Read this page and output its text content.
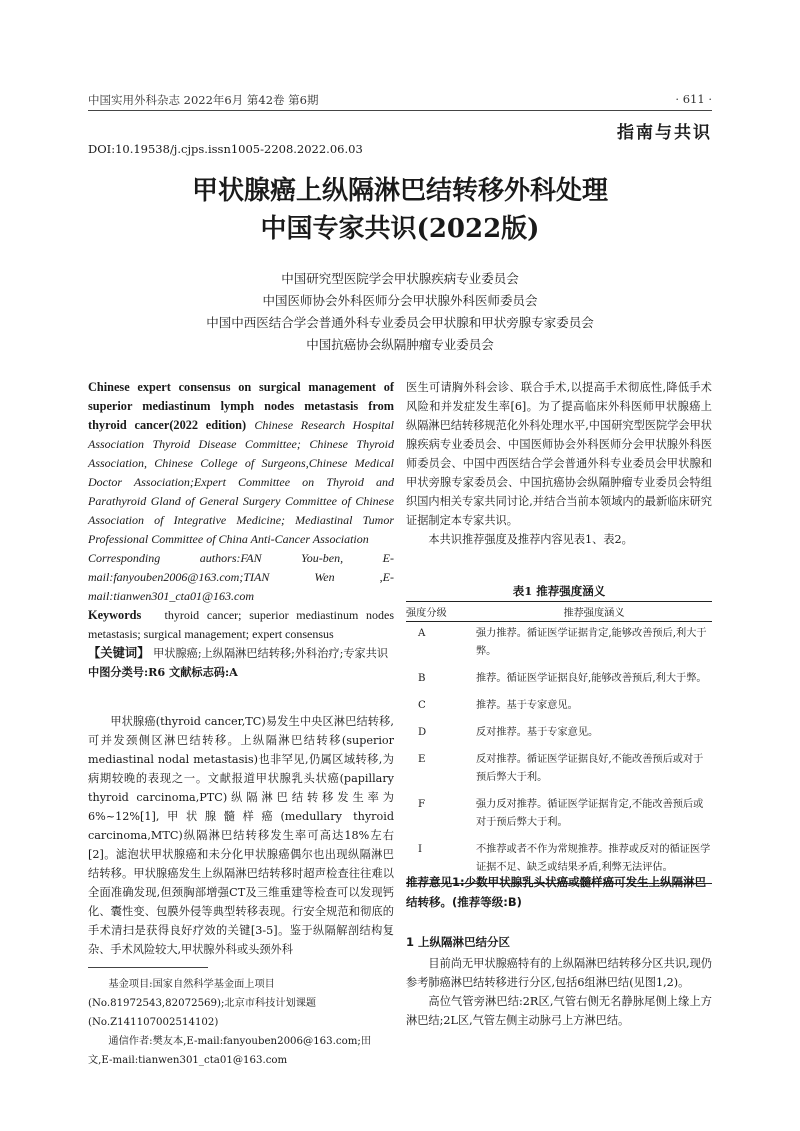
中国实用外科杂志 2022年6月 第42卷 第6期	· 611 ·
指南与共识
DOI:10.19538/j.cjps.issn1005-2208.2022.06.03
甲状腺癌上纵隔淋巴结转移外科处理
中国专家共识(2022版)
中国研究型医院学会甲状腺疾病专业委员会
中国医师协会外科医师分会甲状腺外科医师委员会
中国中西医结合学会普通外科专业委员会甲状腺和甲状旁腺专家委员会
中国抗癌协会纵隔肿瘤专业委员会
Chinese expert consensus on surgical management of superior mediastinum lymph nodes metastasis from thyroid cancer(2022 edition) Chinese Research Hospital Association Thyroid Disease Committee; Chinese Thyroid Association, Chinese College of Surgeons,Chinese Medical Doctor Association;Expert Committee on Thyroid and Parathyroid Gland of General Surgery Committee of Chinese Association of Integrative Medicine; Mediastinal Tumor Professional Committee of China Anti-Cancer Association
Corresponding authors:FAN You-ben, E-mail:fanyouben2006@163.com;TIAN Wen ,E-mail:tianwen301_cta01@163.com
Keywords thyroid cancer; superior mediastinum nodes metastasis; surgical management; expert consensus
【关键词】 甲状腺癌;上纵隔淋巴结转移;外科治疗;专家共识
中图分类号:R6 文献标志码:A

甲状腺癌(thyroid cancer,TC)易发生中央区淋巴结转移,可并发颈侧区淋巴结转移。上纵隔淋巴结转移(superior mediastinal nodal metastasis)也非罕见,仍属区域转移,为病期较晚的表现之一。文献报道甲状腺乳头状癌(papillary thyroid carcinoma,PTC)纵隔淋巴结转移发生率为6%~12%[1],甲状腺髓样癌(medullary thyroid carcinoma,MTC)纵隔淋巴结转移发生率可高达18%左右[2]。滤泡状甲状腺癌和未分化甲状腺癌偶尔也出现纵隔淋巴结转移。甲状腺癌发生上纵隔淋巴结转移时超声检查往往难以全面准确发现,但颈胸部增强CT及三维重建等检查可以发现钙化、囊性变、包膜外侵等典型转移表现。行安全规范和彻底的手术清扫是获得良好疗效的关键[3-5]。鉴于纵隔解剖结构复杂、手术风险较大,甲状腺外科或头颈外科

基金项目:国家自然科学基金面上项目(No.81972543,82072569);北京市科技计划课题(No.Z141107002514102)
通信作者:樊友本,E-mail:fanyouben2006@163.com;田文,E-mail:tianwen301_cta01@163.com

医生可请胸外科会诊、联合手术,以提高手术彻底性,降低手术风险和并发症发生率[6]。为了提高临床外科医师甲状腺癌上纵隔淋巴结转移规范化外科处理水平,中国研究型医院学会甲状腺疾病专业委员会、中国医师协会外科医师分会甲状腺外科医师委员会、中国中西医结合学会普通外科专业委员会甲状腺和甲状旁腺专家委员会、中国抗癌协会纵隔肿瘤专业委员会特组织国内相关专家共同讨论,并结合当前本领域内的最新临床研究证据制定本专家共识。

本共识推荐强度及推荐内容见表1、表2。

表1 推荐强度涵义
强度分级	推荐强度涵义
A	强力推荐。循证医学证据肯定,能够改善预后,利大于弊。
B	推荐。循证医学证据良好,能够改善预后,利大于弊。
C	推荐。基于专家意见。
D	反对推荐。基于专家意见。
E	反对推荐。循证医学证据良好,不能改善预后或对于预后弊大于利。
F	强力反对推荐。循证医学证据肯定,不能改善预后或对于预后弊大于利。
I	不推荐或者不作为常规推荐。推荐或反对的循证医学证据不足、缺乏或结果矛盾,利弊无法评估。
推荐意见1:少数甲状腺乳头状癌或髓样癌可发生上纵隔淋巴结转移。(推荐等级:B)
1 上纵隔淋巴结分区

目前尚无甲状腺癌特有的上纵隔淋巴结转移分区共识,现仍参考肺癌淋巴结转移进行分区,包括6组淋巴结(见图1,2)。

高位气管旁淋巴结:2R区,气管右侧无名静脉尾侧上缘上方淋巴结;2L区,气管左侧主动脉弓上方淋巴结。
